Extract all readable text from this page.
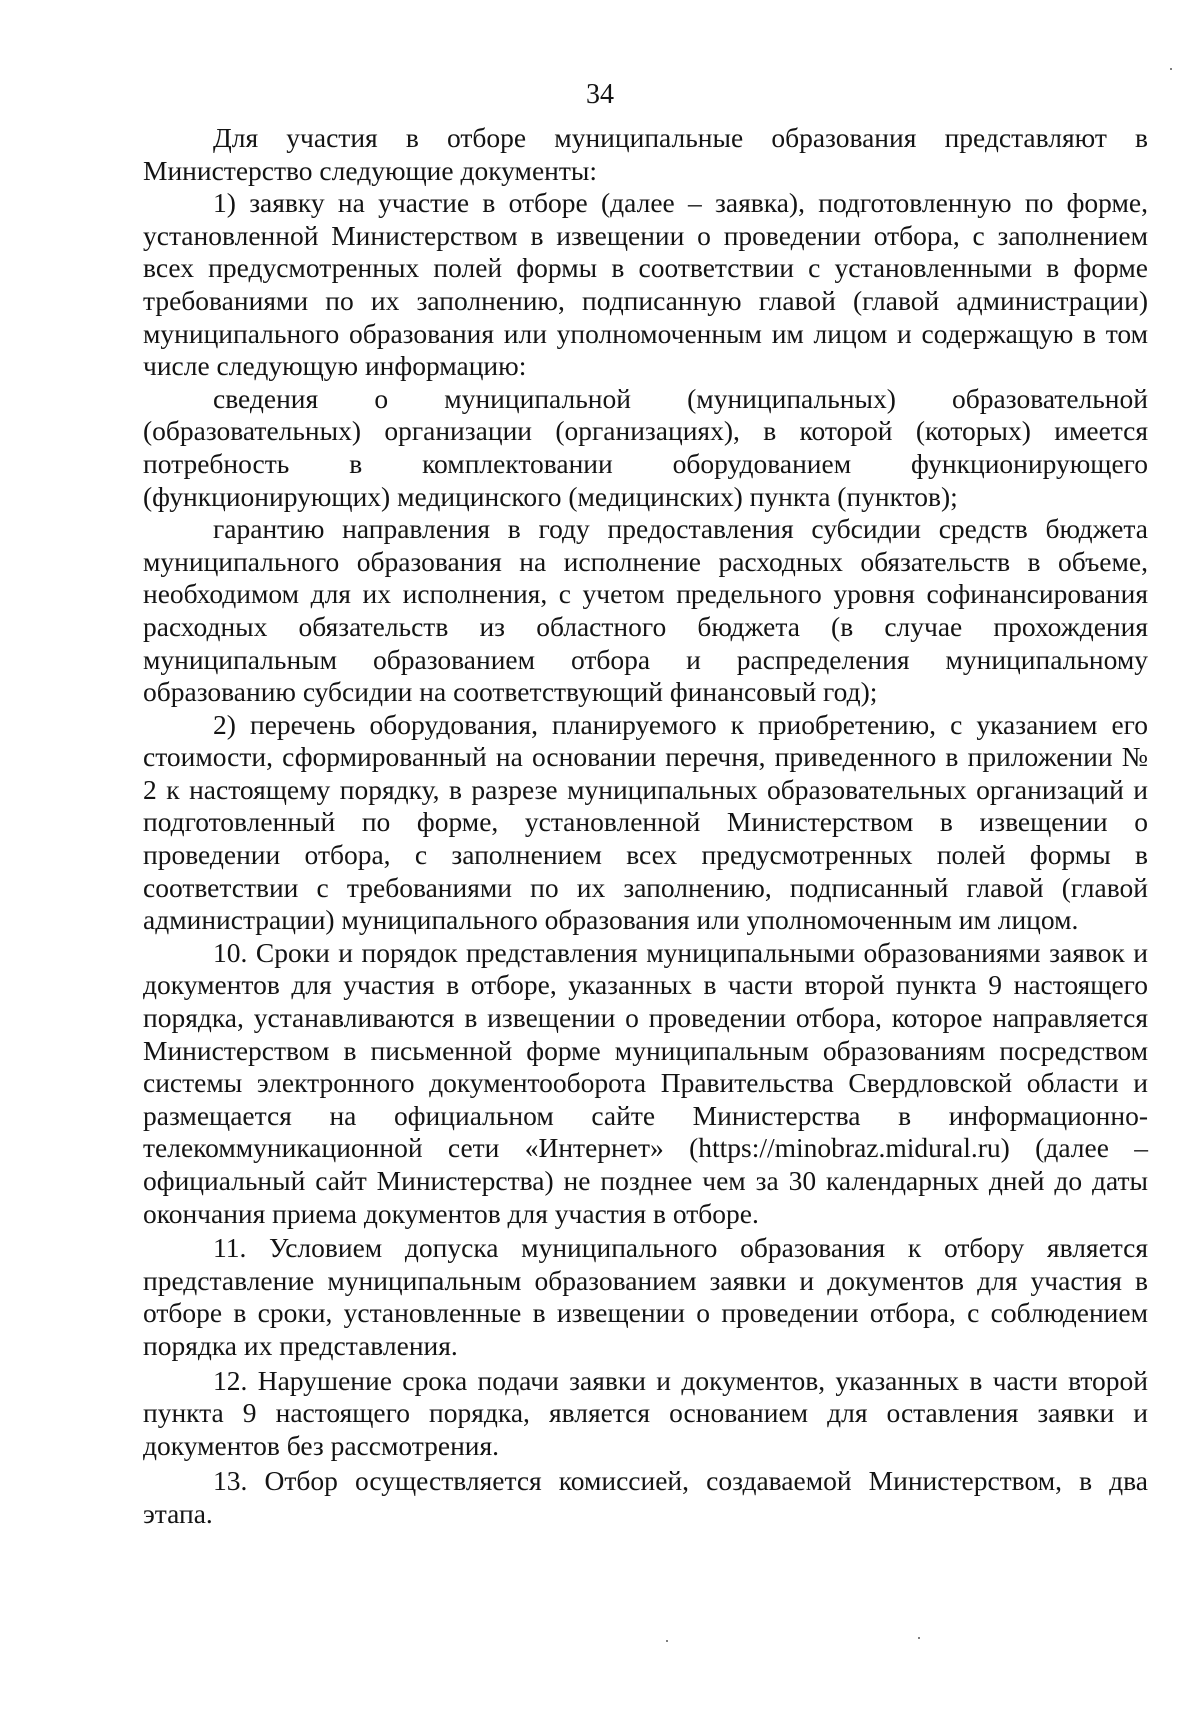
34

Для участия в отборе муниципальные образования представляют в Министерство следующие документы:

1) заявку на участие в отборе (далее – заявка), подготовленную по форме, установленной Министерством в извещении о проведении отбора, с заполнением всех предусмотренных полей формы в соответствии с установленными в форме требованиями по их заполнению, подписанную главой (главой администрации) муниципального образования или уполномоченным им лицом и содержащую в том числе следующую информацию:

сведения о муниципальной (муниципальных) образовательной (образовательных) организации (организациях), в которой (которых) имеется потребность в комплектовании оборудованием функционирующего (функционирующих) медицинского (медицинских) пункта (пунктов);

гарантию направления в году предоставления субсидии средств бюджета муниципального образования на исполнение расходных обязательств в объеме, необходимом для их исполнения, с учетом предельного уровня софинансирования расходных обязательств из областного бюджета (в случае прохождения муниципальным образованием отбора и распределения муниципальному образованию субсидии на соответствующий финансовый год);

2) перечень оборудования, планируемого к приобретению, с указанием его стоимости, сформированный на основании перечня, приведенного в приложении № 2 к настоящему порядку, в разрезе муниципальных образовательных организаций и подготовленный по форме, установленной Министерством в извещении о проведении отбора, с заполнением всех предусмотренных полей формы в соответствии с требованиями по их заполнению, подписанный главой (главой администрации) муниципального образования или уполномоченным им лицом.

10. Сроки и порядок представления муниципальными образованиями заявок и документов для участия в отборе, указанных в части второй пункта 9 настоящего порядка, устанавливаются в извещении о проведении отбора, которое направляется Министерством в письменной форме муниципальным образованиям посредством системы электронного документооборота Правительства Свердловской области и размещается на официальном сайте Министерства в информационно-телекоммуникационной сети «Интернет» (https://minobraz.midural.ru) (далее – официальный сайт Министерства) не позднее чем за 30 календарных дней до даты окончания приема документов для участия в отборе.

11. Условием допуска муниципального образования к отбору является представление муниципальным образованием заявки и документов для участия в отборе в сроки, установленные в извещении о проведении отбора, с соблюдением порядка их представления.

12. Нарушение срока подачи заявки и документов, указанных в части второй пункта 9 настоящего порядка, является основанием для оставления заявки и документов без рассмотрения.

13. Отбор осуществляется комиссией, создаваемой Министерством, в два этапа.
